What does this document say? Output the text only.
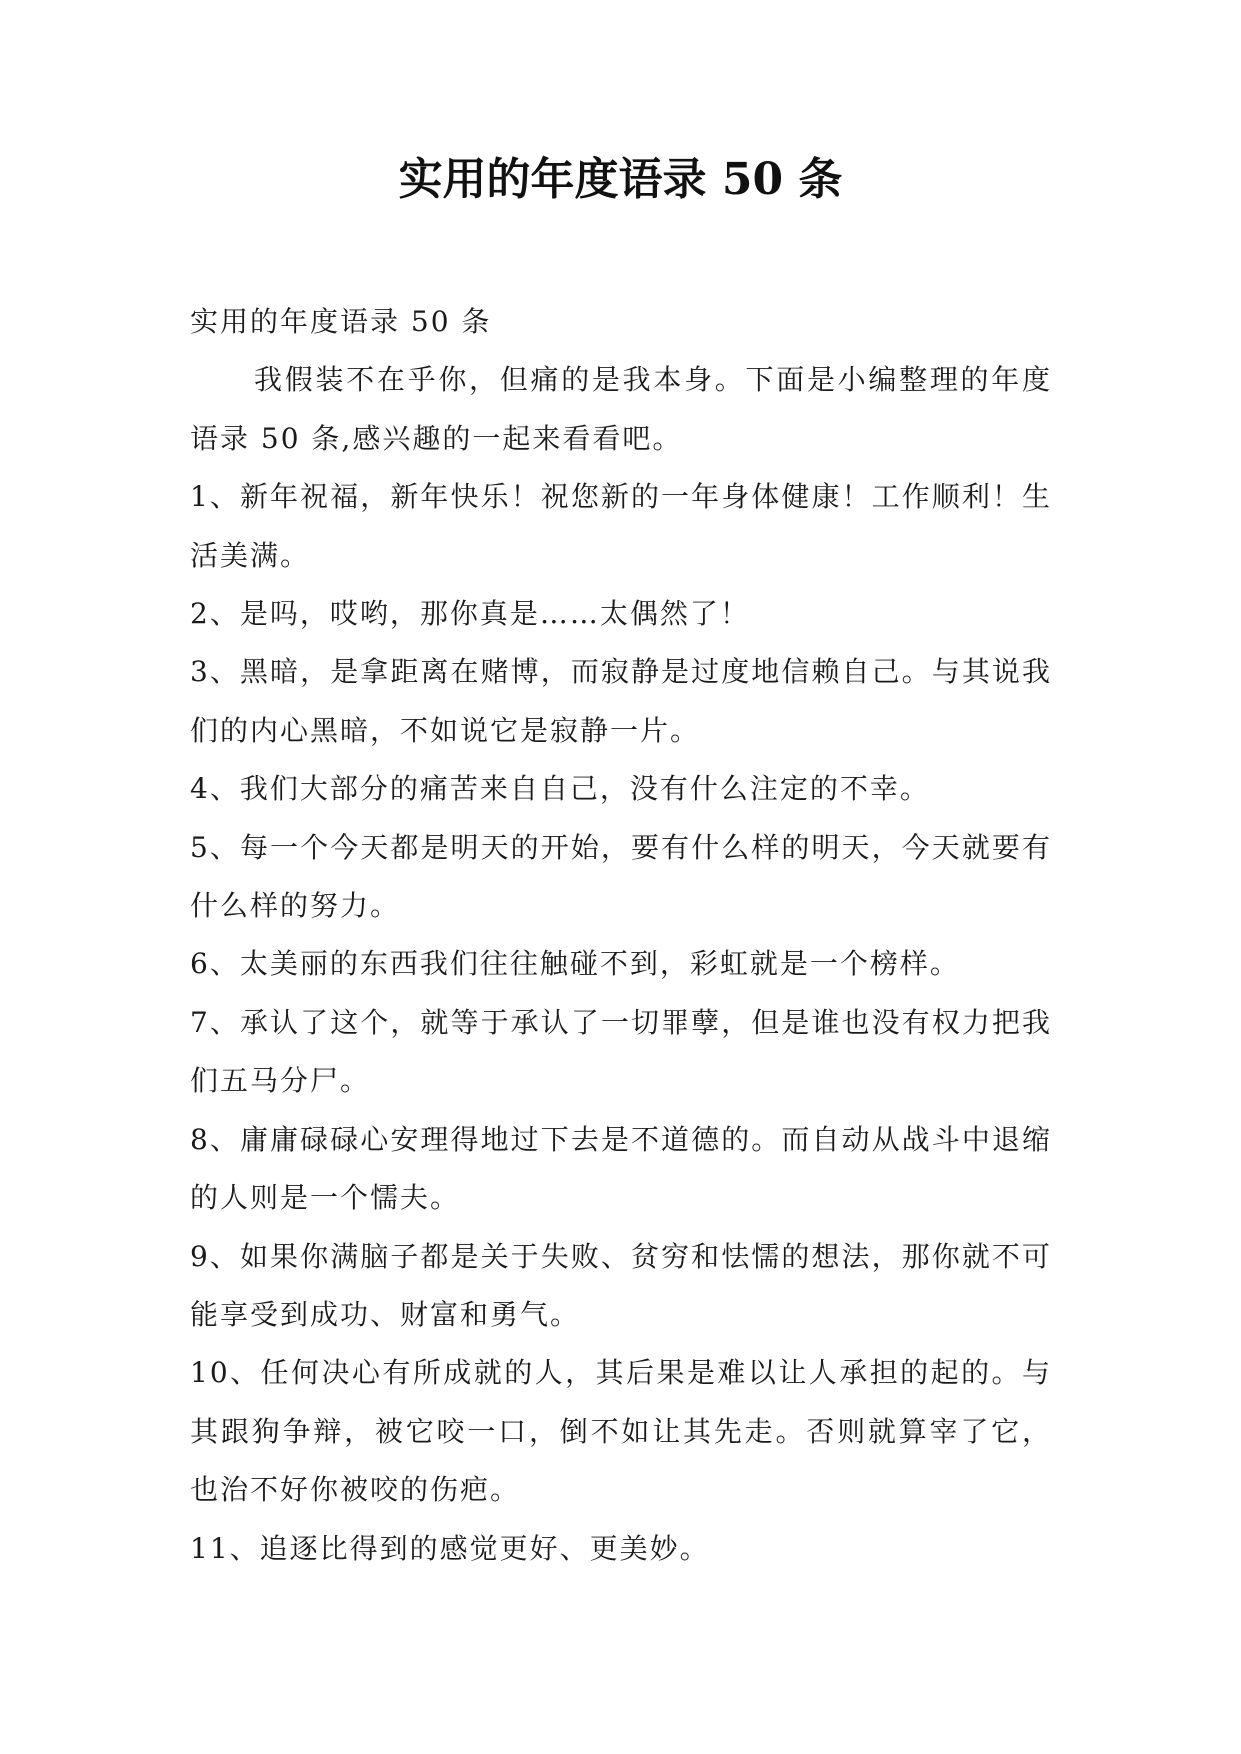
实用的年度语录 50 条

实用的年度语录 50 条

我假装不在乎你，但痛的是我本身。下面是小编整理的年度语录 50 条,感兴趣的一起来看看吧。

1、新年祝福，新年快乐！祝您新的一年身体健康！工作顺利！生活美满。

2、是吗，哎哟，那你真是……太偶然了！

3、黑暗，是拿距离在赌博，而寂静是过度地信赖自己。与其说我们的内心黑暗，不如说它是寂静一片。

4、我们大部分的痛苦来自自己，没有什么注定的不幸。

5、每一个今天都是明天的开始，要有什么样的明天，今天就要有什么样的努力。

6、太美丽的东西我们往往触碰不到，彩虹就是一个榜样。

7、承认了这个，就等于承认了一切罪孽，但是谁也没有权力把我们五马分尸。

8、庸庸碌碌心安理得地过下去是不道德的。而自动从战斗中退缩的人则是一个懦夫。

9、如果你满脑子都是关于失败、贫穷和怯懦的想法，那你就不可能享受到成功、财富和勇气。

10、任何决心有所成就的人，其后果是难以让人承担的起的。与其跟狗争辩，被它咬一口，倒不如让其先走。否则就算宰了它，也治不好你被咬的伤疤。

11、追逐比得到的感觉更好、更美妙。
